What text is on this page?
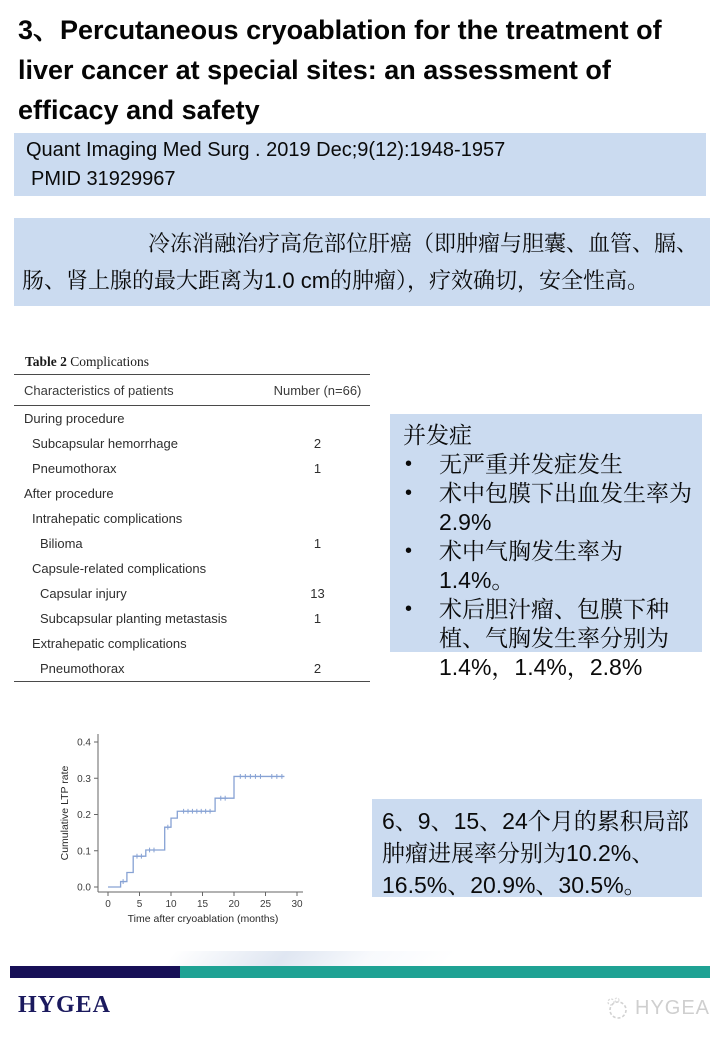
3、Percutaneous cryoablation for the treatment of liver cancer at special sites: an assessment of efficacy and safety
Quant Imaging Med Surg . 2019 Dec;9(12):1948-1957
PMID 31929967
冷冻消融治疗高危部位肝癌（即肿瘤与胆囊、血管、膈、肠、肾上腺的最大距离为1.0 cm的肿瘤），疗效确切，安全性高。
Table 2 Complications
Characteristics of patients	Number (n=66)
During procedure
Subcapsular hemorrhage	2
Pneumothorax	1
After procedure
Intrahepatic complications
Bilioma	1
Capsule-related complications
Capsular injury	13
Subcapsular planting metastasis	1
Extrahepatic complications
Pneumothorax	2
并发症
• 无严重并发症发生
• 术中包膜下出血发生率为2.9%
• 术中气胸发生率为1.4%。
• 术后胆汁瘤、包膜下种植、气胸发生率分别为1.4%，1.4%，2.8%
0	5 10 15 20 25 30
0.0
0.1
0.2
0.3
0.4
Time after cryoablation (months)
Cumulative LTP rate	6、9、15、24个月的累积局部肿瘤进展率分别为10.2%、16.5%、20.9%、30.5%。
HYGEA	HYGEA
